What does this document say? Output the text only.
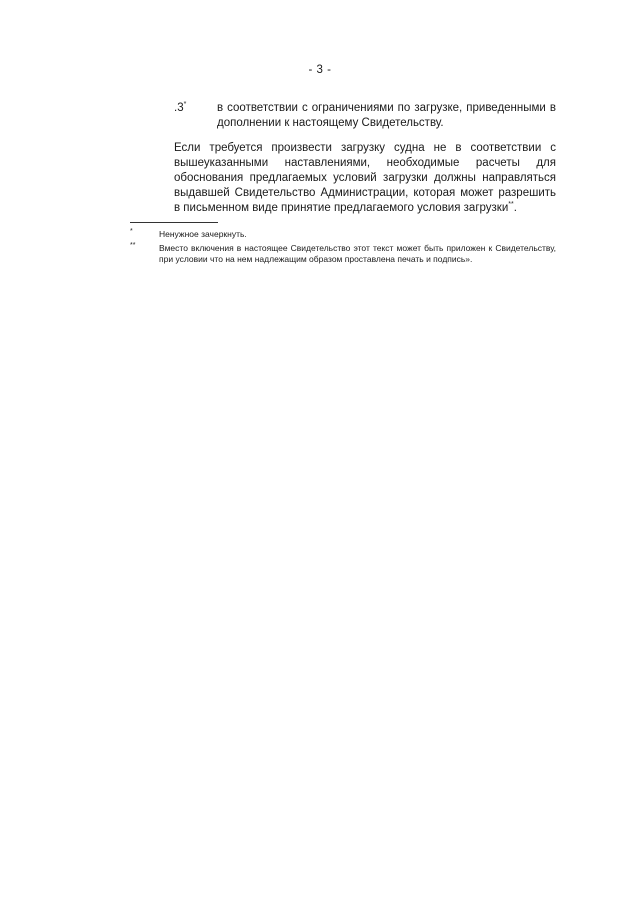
- 3 -
.3*	в соответствии с ограничениями по загрузке, приведенными в дополнении к настоящему Свидетельству.
Если требуется произвести загрузку судна не в соответствии с вышеуказанными наставлениями, необходимые расчеты для обоснования предлагаемых условий загрузки должны направляться выдавшей Свидетельство Администрации, которая может разрешить в письменном виде принятие предлагаемого условия загрузки**.
*	Ненужное зачеркнуть.
**	Вместо включения в настоящее Свидетельство этот текст может быть приложен к Свидетельству, при условии что на нем надлежащим образом проставлена печать и подпись».
